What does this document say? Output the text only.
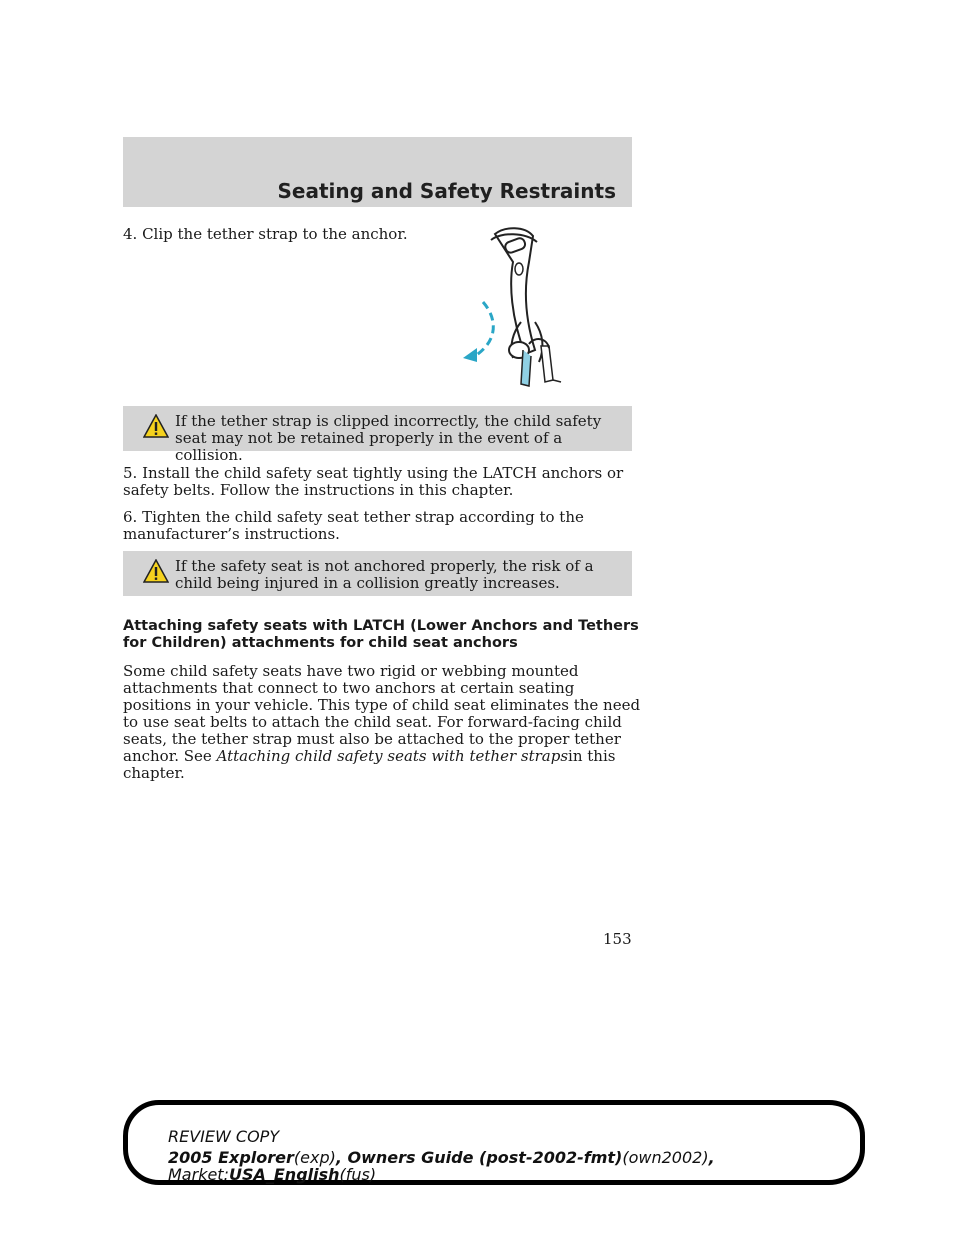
Seating and Safety Restraints

4. Clip the tether strap to the anchor.

If the tether strap is clipped incorrectly, the child safety seat may not be retained properly in the event of a collision.

5. Install the child safety seat tightly using the LATCH anchors or safety belts. Follow the instructions in this chapter.

6. Tighten the child safety seat tether strap according to the manufacturer’s instructions.

If the safety seat is not anchored properly, the risk of a child being injured in a collision greatly increases.

Attaching safety seats with LATCH (Lower Anchors and Tethers for Children) attachments for child seat anchors

Some child safety seats have two rigid or webbing mounted attachments that connect to two anchors at certain seating positions in your vehicle. This type of child seat eliminates the need to use seat belts to attach the child seat. For forward-facing child seats, the tether strap must also be attached to the proper tether anchor. See Attaching child safety seats with tether strapsin this chapter.

153
REVIEW COPY
2005 Explorer(exp), Owners Guide (post-2002-fmt)(own2002),
Market:USA_English(fus)
